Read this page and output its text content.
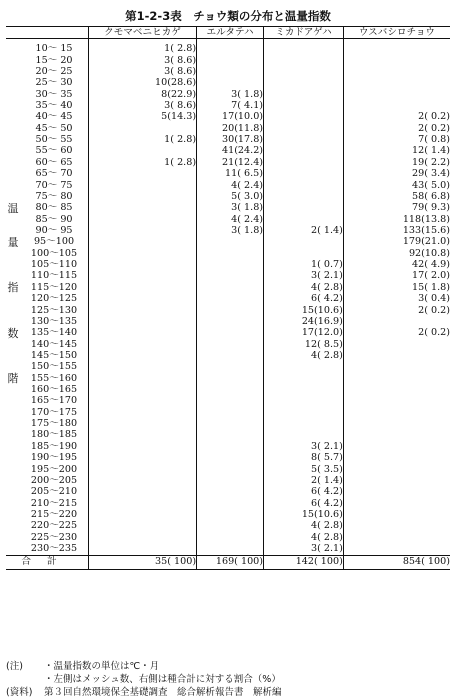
第1-2-3表　チョウ類の分布と温量指数
		クモマベニヒカゲ	エルタテハ	ミカドアゲハ	ウスバシロチョウ

	10〜 15	1( 2.8)			
	15〜 20	3( 8.6)			
	20〜 25	3( 8.6)			
	25〜 30	10(28.6)			
	30〜 35	8(22.9)	3( 1.8)		
	35〜 40	3( 8.6)	7( 4.1)		
	40〜 45	5(14.3)	17(10.0)		2( 0.2)
	45〜 50		20(11.8)		2( 0.2)
	50〜 55	1( 2.8)	30(17.8)		7( 0.8)
	55〜 60		41(24.2)		12( 1.4)
	60〜 65	1( 2.8)	21(12.4)		19( 2.2)
	65〜 70		11( 6.5)		29( 3.4)
	70〜 75		4( 2.4)		43( 5.0)
	75〜 80		5( 3.0)		58( 6.8)
温	80〜 85		3( 1.8)		79( 9.3)
	85〜 90		4( 2.4)		118(13.8)
	90〜 95		3( 1.8)	2( 1.4)	133(15.6)
量	95〜100				179(21.0)
	100〜105				92(10.8)
	105〜110			1( 0.7)	42( 4.9)
	110〜115			3( 2.1)	17( 2.0)
指	115〜120			4( 2.8)	15( 1.8)
	120〜125			6( 4.2)	3( 0.4)
	125〜130			15(10.6)	2( 0.2)
	130〜135			24(16.9)	
数	135〜140			17(12.0)	2( 0.2)
	140〜145			12( 8.5)	
	145〜150			4( 2.8)	
	150〜155				
階	155〜160				
	160〜165				
	165〜170				
	170〜175				
	175〜180				
	180〜185				
	185〜190			3( 2.1)	
	190〜195			8( 5.7)	
	195〜200			5( 3.5)	
	200〜205			2( 1.4)	
	205〜210			6( 4.2)	
	210〜215			6( 4.2)	
	215〜220			15(10.6)	
	220〜225			4( 2.8)	
	225〜230			4( 2.8)	
	230〜235			3( 2.1)	
合計		35( 100)	169( 100)	142( 100)	854( 100)
(注) ・温量指数の単位は℃・月
・左側はメッシュ数、右側は種合計に対する割合（%）
(資料) 第３回自然環境保全基礎調査　総合解析報告書　解析編
